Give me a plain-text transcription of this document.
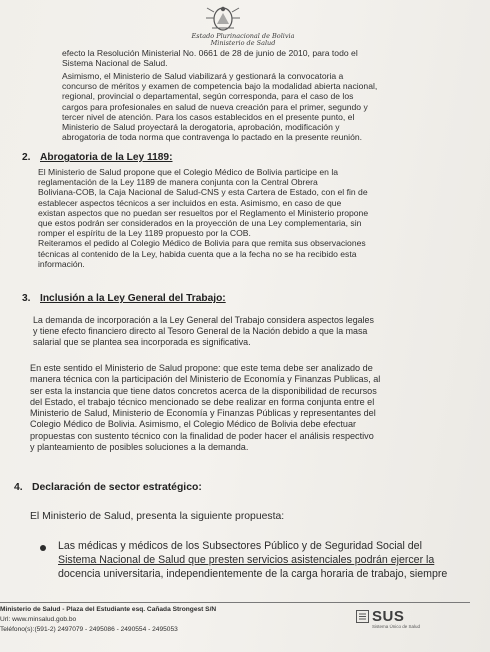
Estado Plurinacional de Bolivia
Ministerio de Salud
efecto la Resolución Ministerial No. 0661 de 28 de junio de 2010, para todo el
Sistema Nacional de Salud.
Asimismo, el Ministerio de Salud viabilizará y gestionará la convocatoria a
concurso de méritos y examen de competencia bajo la modalidad abierta nacional,
regional, provincial o departamental, según corresponda, para el caso de los
cargos para profesionales en salud de nueva creación para el primer, segundo y
tercer nivel de atención. Para los casos establecidos en el presente punto, el
Ministerio de Salud proyectará la derogatoria, aprobación, modificación y
abrogatoria de toda norma que contravenga lo pactado en la presente reunión.
2. Abrogatoria de la Ley 1189:
El Ministerio de Salud propone que el Colegio Médico de Bolivia participe en la
reglamentación de la Ley 1189 de manera conjunta con la Central Obrera
Boliviana-COB, la Caja Nacional de Salud-CNS y esta Cartera de Estado, con el fin de
establecer aspectos técnicos a ser incluidos en esta. Asimismo, en caso de que
existan aspectos que no puedan ser resueltos por el Reglamento el Ministerio propone
que estos podrán ser considerados en la proyección de una Ley complementaria, sin
romper el espíritu de la Ley 1189 propuesto por la COB.
Reiteramos el pedido al Colegio Médico de Bolivia para que remita sus observaciones
técnicas al contenido de la Ley, habida cuenta que a la fecha no se ha recibido esta
información.
3. Inclusión a la Ley General del Trabajo:
La demanda de incorporación a la Ley General del Trabajo considera aspectos legales
y tiene efecto financiero directo al Tesoro General de la Nación debido a que la masa
salarial que se plantea sea incorporada es significativa.
En este sentido el Ministerio de Salud propone: que este tema debe ser analizado de
manera técnica con la participación del Ministerio de Economía y Finanzas Publicas, al
ser esta la instancia que tiene datos concretos acerca de la disponibilidad de recursos
del Estado, el trabajo técnico mencionado se debe realizar en forma conjunta entre el
Ministerio de Salud, Ministerio de Economía y Finanzas Públicas y representantes del
Colegio Médico de Bolivia. Asimismo, el Colegio Médico de Bolivia debe efectuar
propuestas con sustento técnico con la finalidad de poder hacer el análisis respectivo
y planteamiento de posibles soluciones a la demanda.
4. Declaración de sector estratégico:
El Ministerio de Salud, presenta la siguiente propuesta:
Las médicas y médicos de los Subsectores Público y de Seguridad Social del
Sistema Nacional de Salud que presten servicios asistenciales podrán ejercer la
docencia universitaria, independientemente de la carga horaria de trabajo, siempre
Ministerio de Salud - Plaza del Estudiante esq. Cañada Strongest S/N
Url: www.minsalud.gob.bo
Teléfono(s):(591-2) 2497079 - 2495086 - 2490554 - 2495053
SUS
Sistema Único de Salud
